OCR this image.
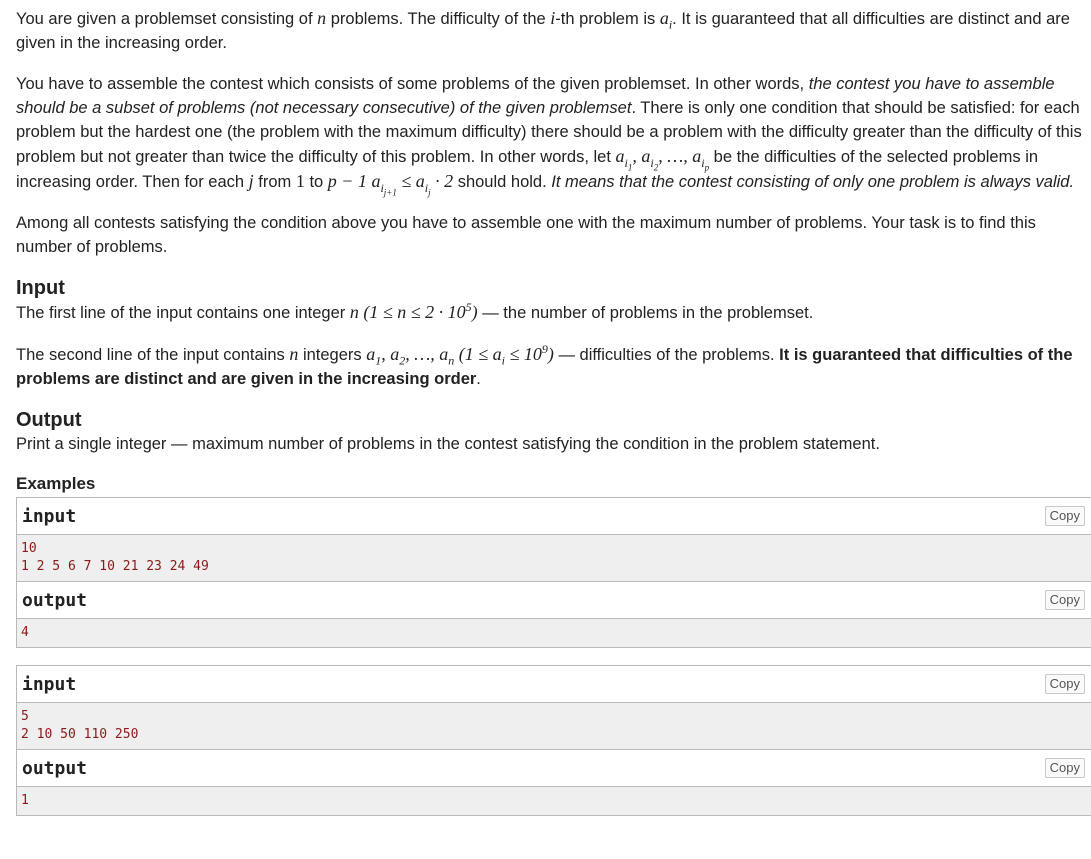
You are given a problemset consisting of n problems. The difficulty of the i-th problem is $a_i$. It is guaranteed that all difficulties are distinct and are given in the increasing order.

You have to assemble the contest which consists of some problems of the given problemset. In other words, the contest you have to assemble should be a subset of problems (not necessary consecutive) of the given problemset. There is only one condition that should be satisfied: for each problem but the hardest one (the problem with the maximum difficulty) there should be a problem with the difficulty greater than the difficulty of this problem but not greater than twice the difficulty of this problem. In other words, let $a_{i_1}$, $a_{i_2}$, …, $a_{i_p}$ be the difficulties of the selected problems in increasing order. Then for each j from 1 to p − 1 $a_{i_{j+1}} \le a_{i_j} \cdot 2$ should hold. It means that the contest consisting of only one problem is always valid.

Among all contests satisfying the condition above you have to assemble one with the maximum number of problems. Your task is to find this number of problems.

Input

The first line of the input contains one integer n $(1 \le n \le 2 \cdot 10^5)$ — the number of problems in the problemset.

The second line of the input contains n integers $a_1$, $a_2$, …, $a_n$ $(1 \le a_i \le 10^9)$ — difficulties of the problems. It is guaranteed that difficulties of the problems are distinct and are given in the increasing order.

Output

Print a single integer — maximum number of problems in the contest satisfying the condition in the problem statement.

Examples
input	Copy
10
1 2 5 6 7 10 21 23 24 49
output	Copy
4
input	Copy
5
2 10 50 110 250
output	Copy
1
